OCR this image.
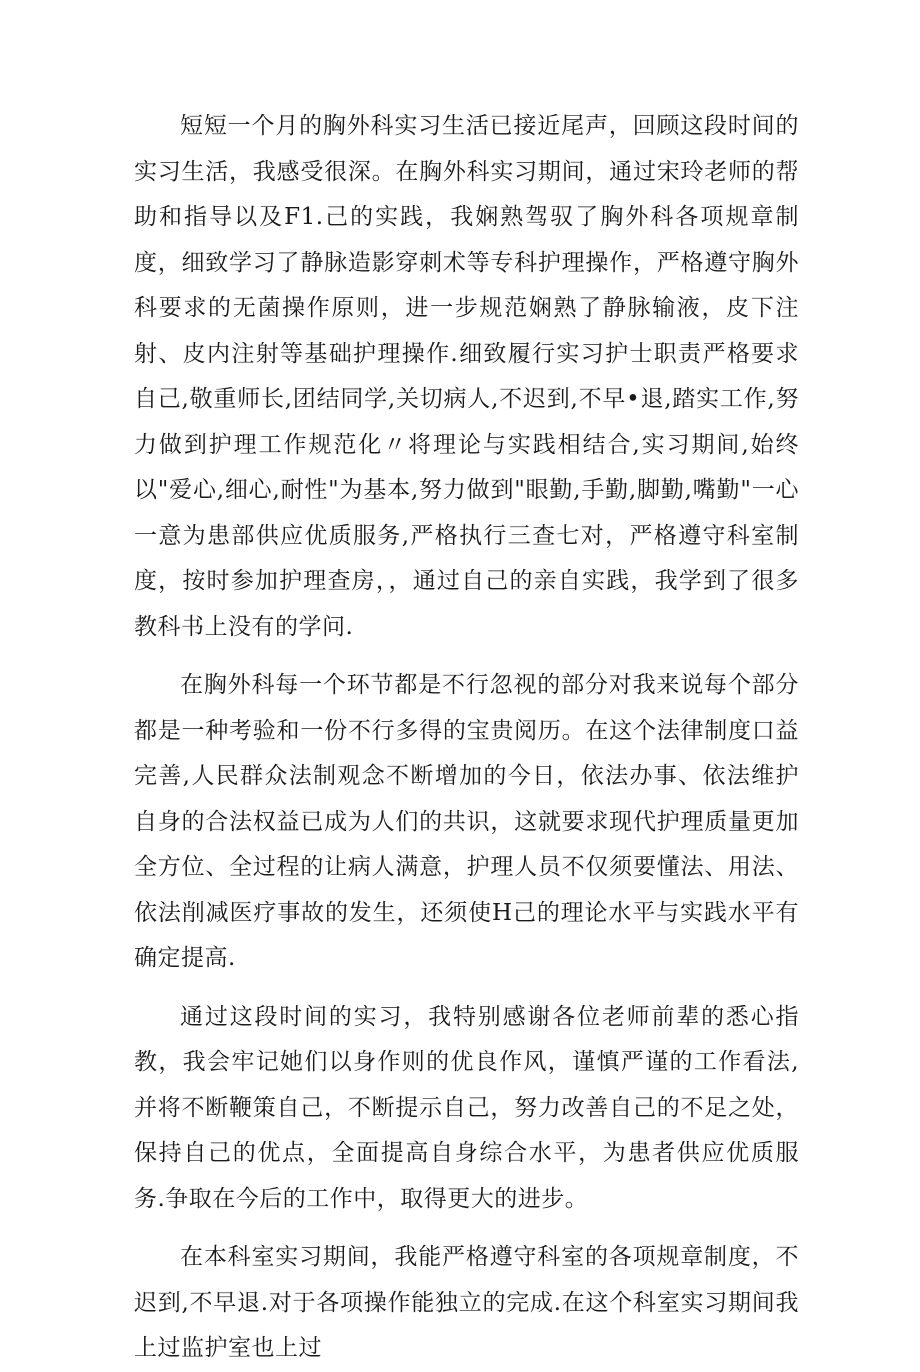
短短一个月的胸外科实习生活已接近尾声，回顾这段时间的实习生活，我感受很深。在胸外科实习期间，通过宋玲老师的帮助和指导以及F1.己的实践，我娴熟驾驭了胸外科各项规章制度，细致学习了静脉造影穿刺术等专科护理操作，严格遵守胸外科要求的无菌操作原则，进一步规范娴熟了静脉输液，皮下注射、皮内注射等基础护理操作.细致履行实习护士职责严格要求自己,敬重师长,团结同学,关切病人,不迟到,不早•退,踏实工作,努力做到护理工作规范化〃将理论与实践相结合,实习期间,始终以"爱心,细心,耐性"为基本,努力做到"眼勤,手勤,脚勤,嘴勤"一心一意为患部供应优质服务,严格执行三查七对，严格遵守科室制度，按时参加护理查房，，通过自己的亲自实践，我学到了很多教科书上没有的学问.

在胸外科每一个环节都是不行忽视的部分对我来说每个部分都是一种考验和一份不行多得的宝贵阅历。在这个法律制度口益完善,人民群众法制观念不断增加的今日，依法办事、依法维护自身的合法权益已成为人们的共识，这就要求现代护理质量更加全方位、全过程的让病人满意，护理人员不仅须要懂法、用法、依法削减医疗事故的发生，还须使H己的理论水平与实践水平有确定提高.

通过这段时间的实习，我特别感谢各位老师前辈的悉心指教，我会牢记她们以身作则的优良作风，谨慎严谨的工作看法,并将不断鞭策自己，不断提示自己，努力改善自己的不足之处，保持自己的优点，全面提高自身综合水平，为患者供应优质服务.争取在今后的工作中，取得更大的进步。

在本科室实习期间，我能严格遵守科室的各项规章制度，不迟到,不早退.对于各项操作能独立的完成.在这个科室实习期间我上过监护室也上过
